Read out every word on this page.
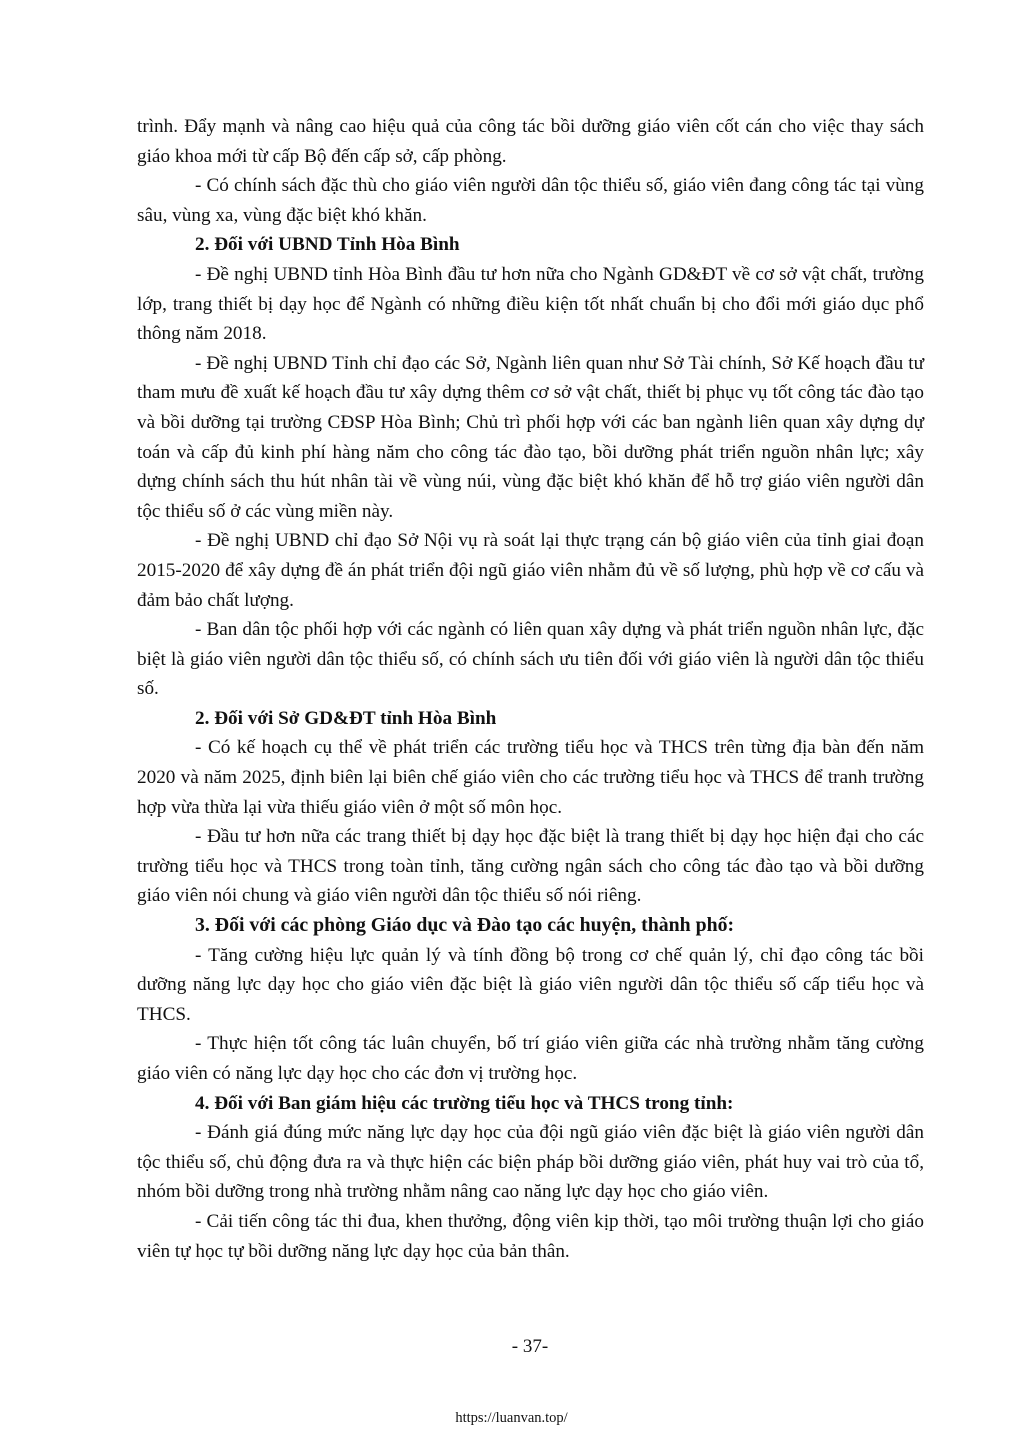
trình. Đẩy mạnh và nâng cao hiệu quả của công tác bồi dưỡng giáo viên cốt cán cho việc thay sách giáo khoa mới từ cấp Bộ đến cấp sở, cấp phòng.

- Có chính sách đặc thù cho giáo viên người dân tộc thiểu số, giáo viên đang công tác tại vùng sâu, vùng xa, vùng đặc biệt khó khăn.

2. Đối với UBND Tỉnh Hòa Bình

- Đề nghị UBND tỉnh Hòa Bình đầu tư hơn nữa cho Ngành GD&ĐT về cơ sở vật chất, trường lớp, trang thiết bị dạy học để Ngành có những điều kiện tốt nhất chuẩn bị cho đổi mới giáo dục phổ thông năm 2018.

- Đề nghị UBND Tỉnh chỉ đạo các Sở, Ngành liên quan như Sở Tài chính, Sở Kế hoạch đầu tư tham mưu đề xuất kế hoạch đầu tư xây dựng thêm cơ sở vật chất, thiết bị phục vụ tốt công tác đào tạo và bồi dưỡng tại trường CĐSP Hòa Bình; Chủ trì phối hợp với các ban ngành liên quan xây dựng dự toán và cấp đủ kinh phí hàng năm cho công tác đào tạo, bồi dưỡng phát triển nguồn nhân lực; xây dựng chính sách thu hút nhân tài về vùng núi, vùng đặc biệt khó khăn để hỗ trợ giáo viên người dân tộc thiểu số ở các vùng miền này.

- Đề nghị UBND chỉ đạo Sở Nội vụ rà soát lại thực trạng cán bộ giáo viên của tỉnh giai đoạn 2015-2020 để xây dựng đề án phát triển đội ngũ giáo viên nhằm đủ về số lượng, phù hợp về cơ cấu và đảm bảo chất lượng.

- Ban dân tộc phối hợp với các ngành có liên quan xây dựng và phát triển nguồn nhân lực, đặc biệt là giáo viên người dân tộc thiểu số, có chính sách ưu tiên đối với giáo viên là người dân tộc thiểu số.

2. Đối với Sở GD&ĐT tỉnh Hòa Bình

- Có kế hoạch cụ thể về phát triển các trường tiểu học và THCS trên từng địa bàn đến năm 2020 và năm 2025, định biên lại biên chế giáo viên cho các trường tiểu học và THCS để tranh trường hợp vừa thừa lại vừa thiếu giáo viên ở một số môn học.

- Đầu tư hơn nữa các trang thiết bị dạy học đặc biệt là trang thiết bị dạy học hiện đại cho các trường tiểu học và THCS trong toàn tỉnh, tăng cường ngân sách cho công tác đào tạo và bồi dưỡng giáo viên nói chung và giáo viên người dân tộc thiểu số nói riêng.

3. Đối với các phòng Giáo dục và Đào tạo các huyện, thành phố:

- Tăng cường hiệu lực quản lý và tính đồng bộ trong cơ chế quản lý, chỉ đạo công tác bồi dưỡng năng lực dạy học cho giáo viên đặc biệt là giáo viên người dân tộc thiểu số cấp tiểu học và THCS.

- Thực hiện tốt công tác luân chuyển, bố trí giáo viên giữa các nhà trường nhằm tăng cường giáo viên có năng lực dạy học cho các đơn vị trường học.

4. Đối với Ban giám hiệu các trường tiểu học và THCS trong tỉnh:

- Đánh giá đúng mức năng lực dạy học của đội ngũ giáo viên đặc biệt là giáo viên người dân tộc thiểu số, chủ động đưa ra và thực hiện các biện pháp bồi dưỡng giáo viên, phát huy vai trò của tổ, nhóm bồi dưỡng trong nhà trường nhằm nâng cao năng lực dạy học cho giáo viên.

- Cải tiến công tác thi đua, khen thưởng, động viên kịp thời, tạo môi trường thuận lợi cho giáo viên tự học tự bồi dưỡng năng lực dạy học của bản thân.

- 37-
https://luanvan.top/
